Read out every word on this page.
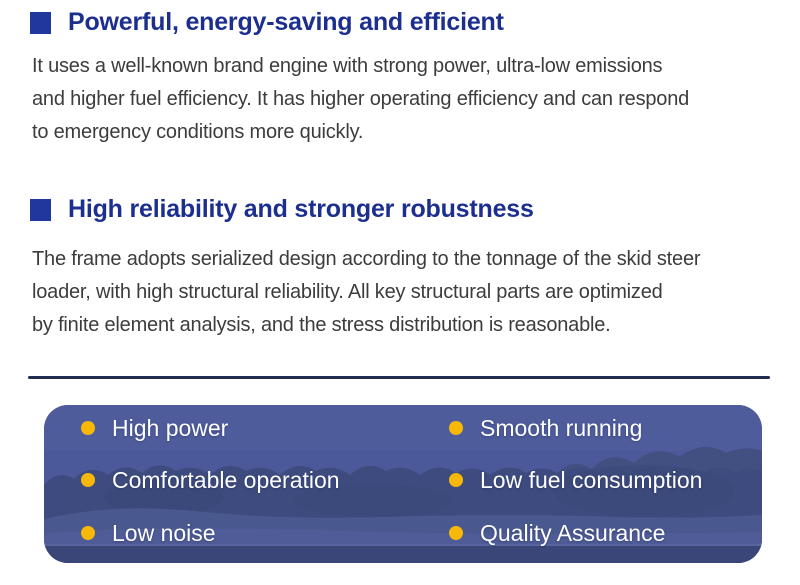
Powerful, energy-saving and efficient
It uses a well-known brand engine with strong power, ultra-low emissions
and higher fuel efficiency. It has higher operating efficiency and can respond
to emergency conditions more quickly.
High reliability and stronger robustness
The frame adopts serialized design according to the tonnage of the skid steer
loader, with high structural reliability. All key structural parts are optimized
by finite element analysis, and the stress distribution is reasonable.
High power
Comfortable operation
Low noise
Smooth running
Low fuel consumption
Quality Assurance
